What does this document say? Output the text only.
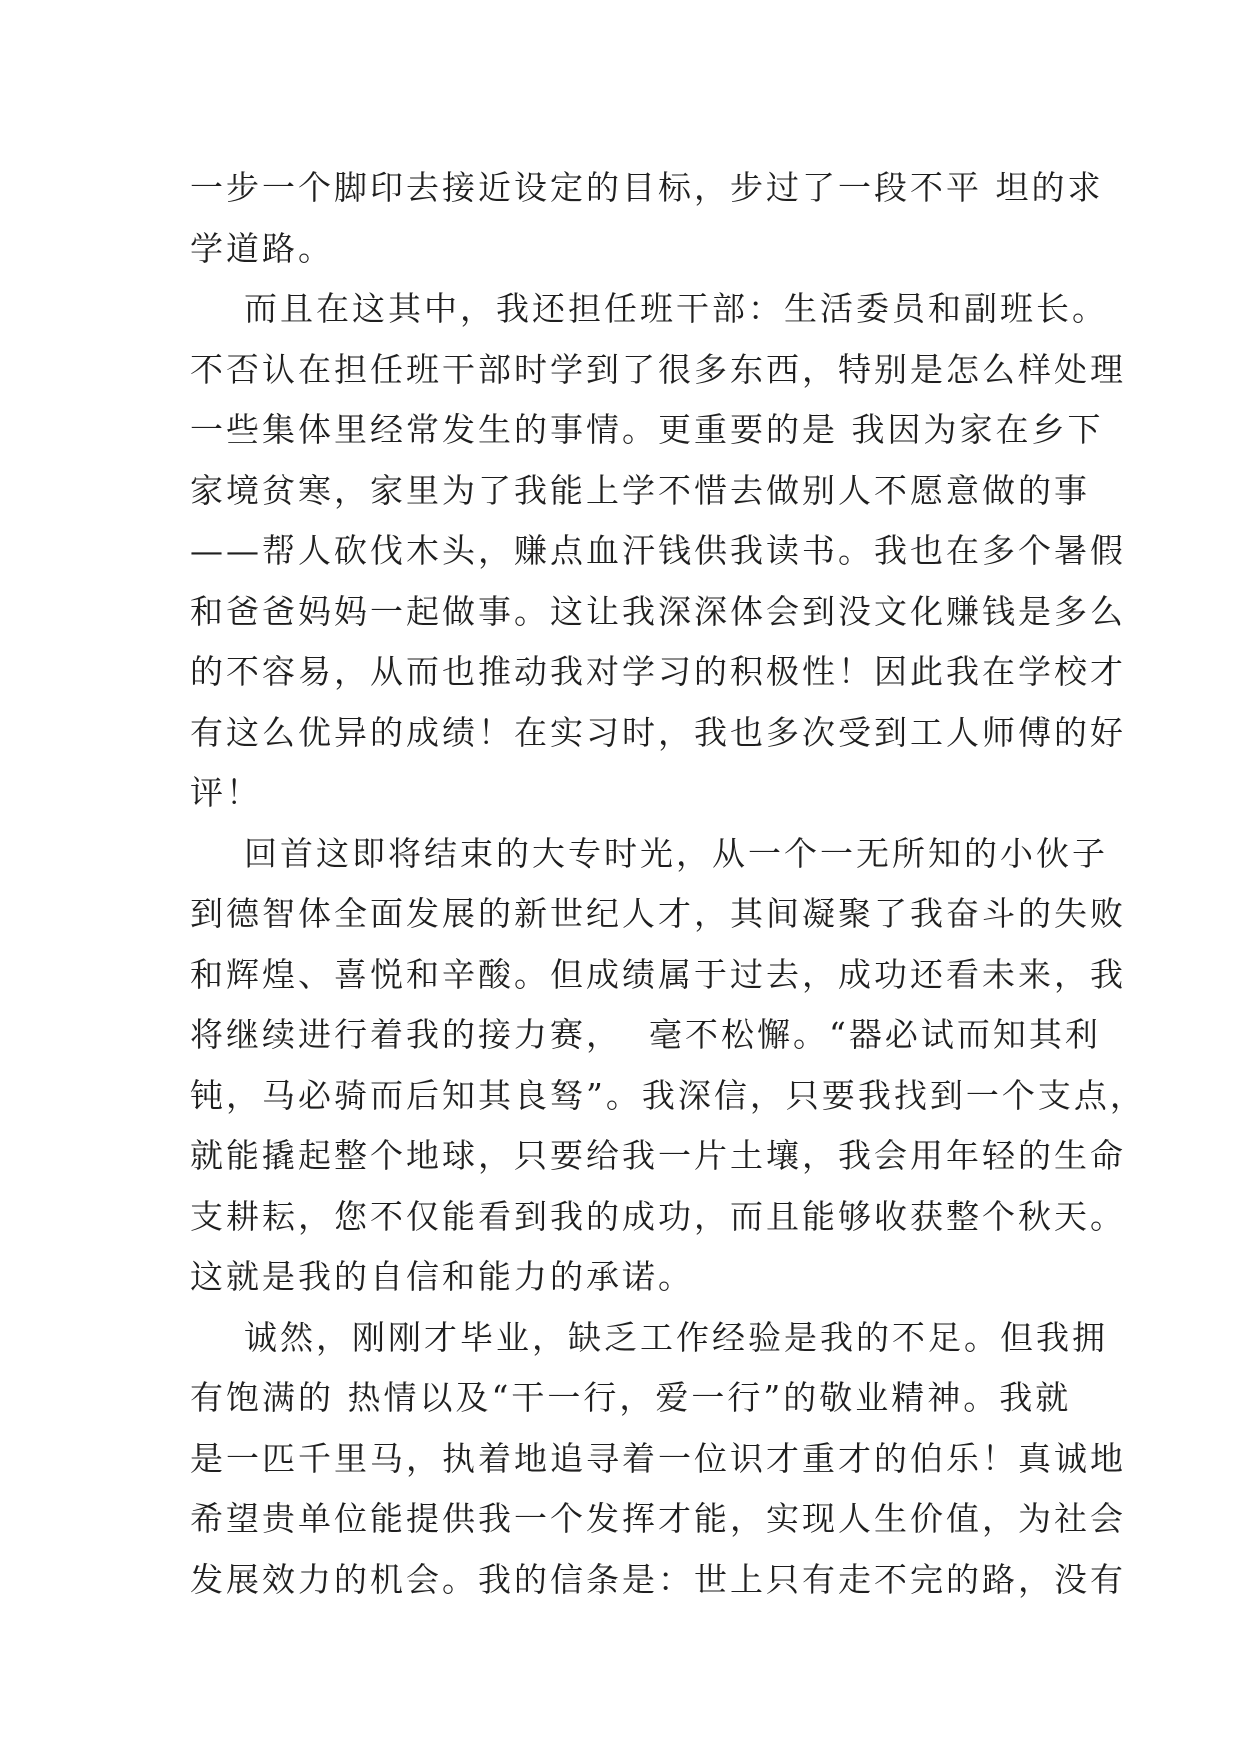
一步一个脚印去接近设定的目标，步过了一段不平 坦的求
学道路。
而且在这其中，我还担任班干部：生活委员和副班长。
不否认在担任班干部时学到了很多东西，特别是怎么样处理
一些集体里经常发生的事情。更重要的是 我因为家在乡下
家境贫寒，家里为了我能上学不惜去做别人不愿意做的事
——帮人砍伐木头，赚点血汗钱供我读书。我也在多个暑假
和爸爸妈妈一起做事。这让我深深体会到没文化赚钱是多么
的不容易，从而也推动我对学习的积极性！因此我在学校才
有这么优异的成绩！在实习时，我也多次受到工人师傅的好
评！
回首这即将结束的大专时光，从一个一无所知的小伙子
到德智体全面发展的新世纪人才，其间凝聚了我奋斗的失败
和辉煌、喜悦和辛酸。但成绩属于过去，成功还看未来，我
将继续进行着我的接力赛，  毫不松懈。“器必试而知其利
钝，马必骑而后知其良驽”。我深信，只要我找到一个支点，
就能撬起整个地球，只要给我一片土壤，我会用年轻的生命
支耕耘，您不仅能看到我的成功，而且能够收获整个秋天。
这就是我的自信和能力的承诺。
诚然，刚刚才毕业，缺乏工作经验是我的不足。但我拥
有饱满的 热情以及“干一行，爱一行”的敬业精神。我就
是一匹千里马，执着地追寻着一位识才重才的伯乐！真诚地
希望贵单位能提供我一个发挥才能，实现人生价值，为社会
发展效力的机会。我的信条是：世上只有走不完的路，没有
